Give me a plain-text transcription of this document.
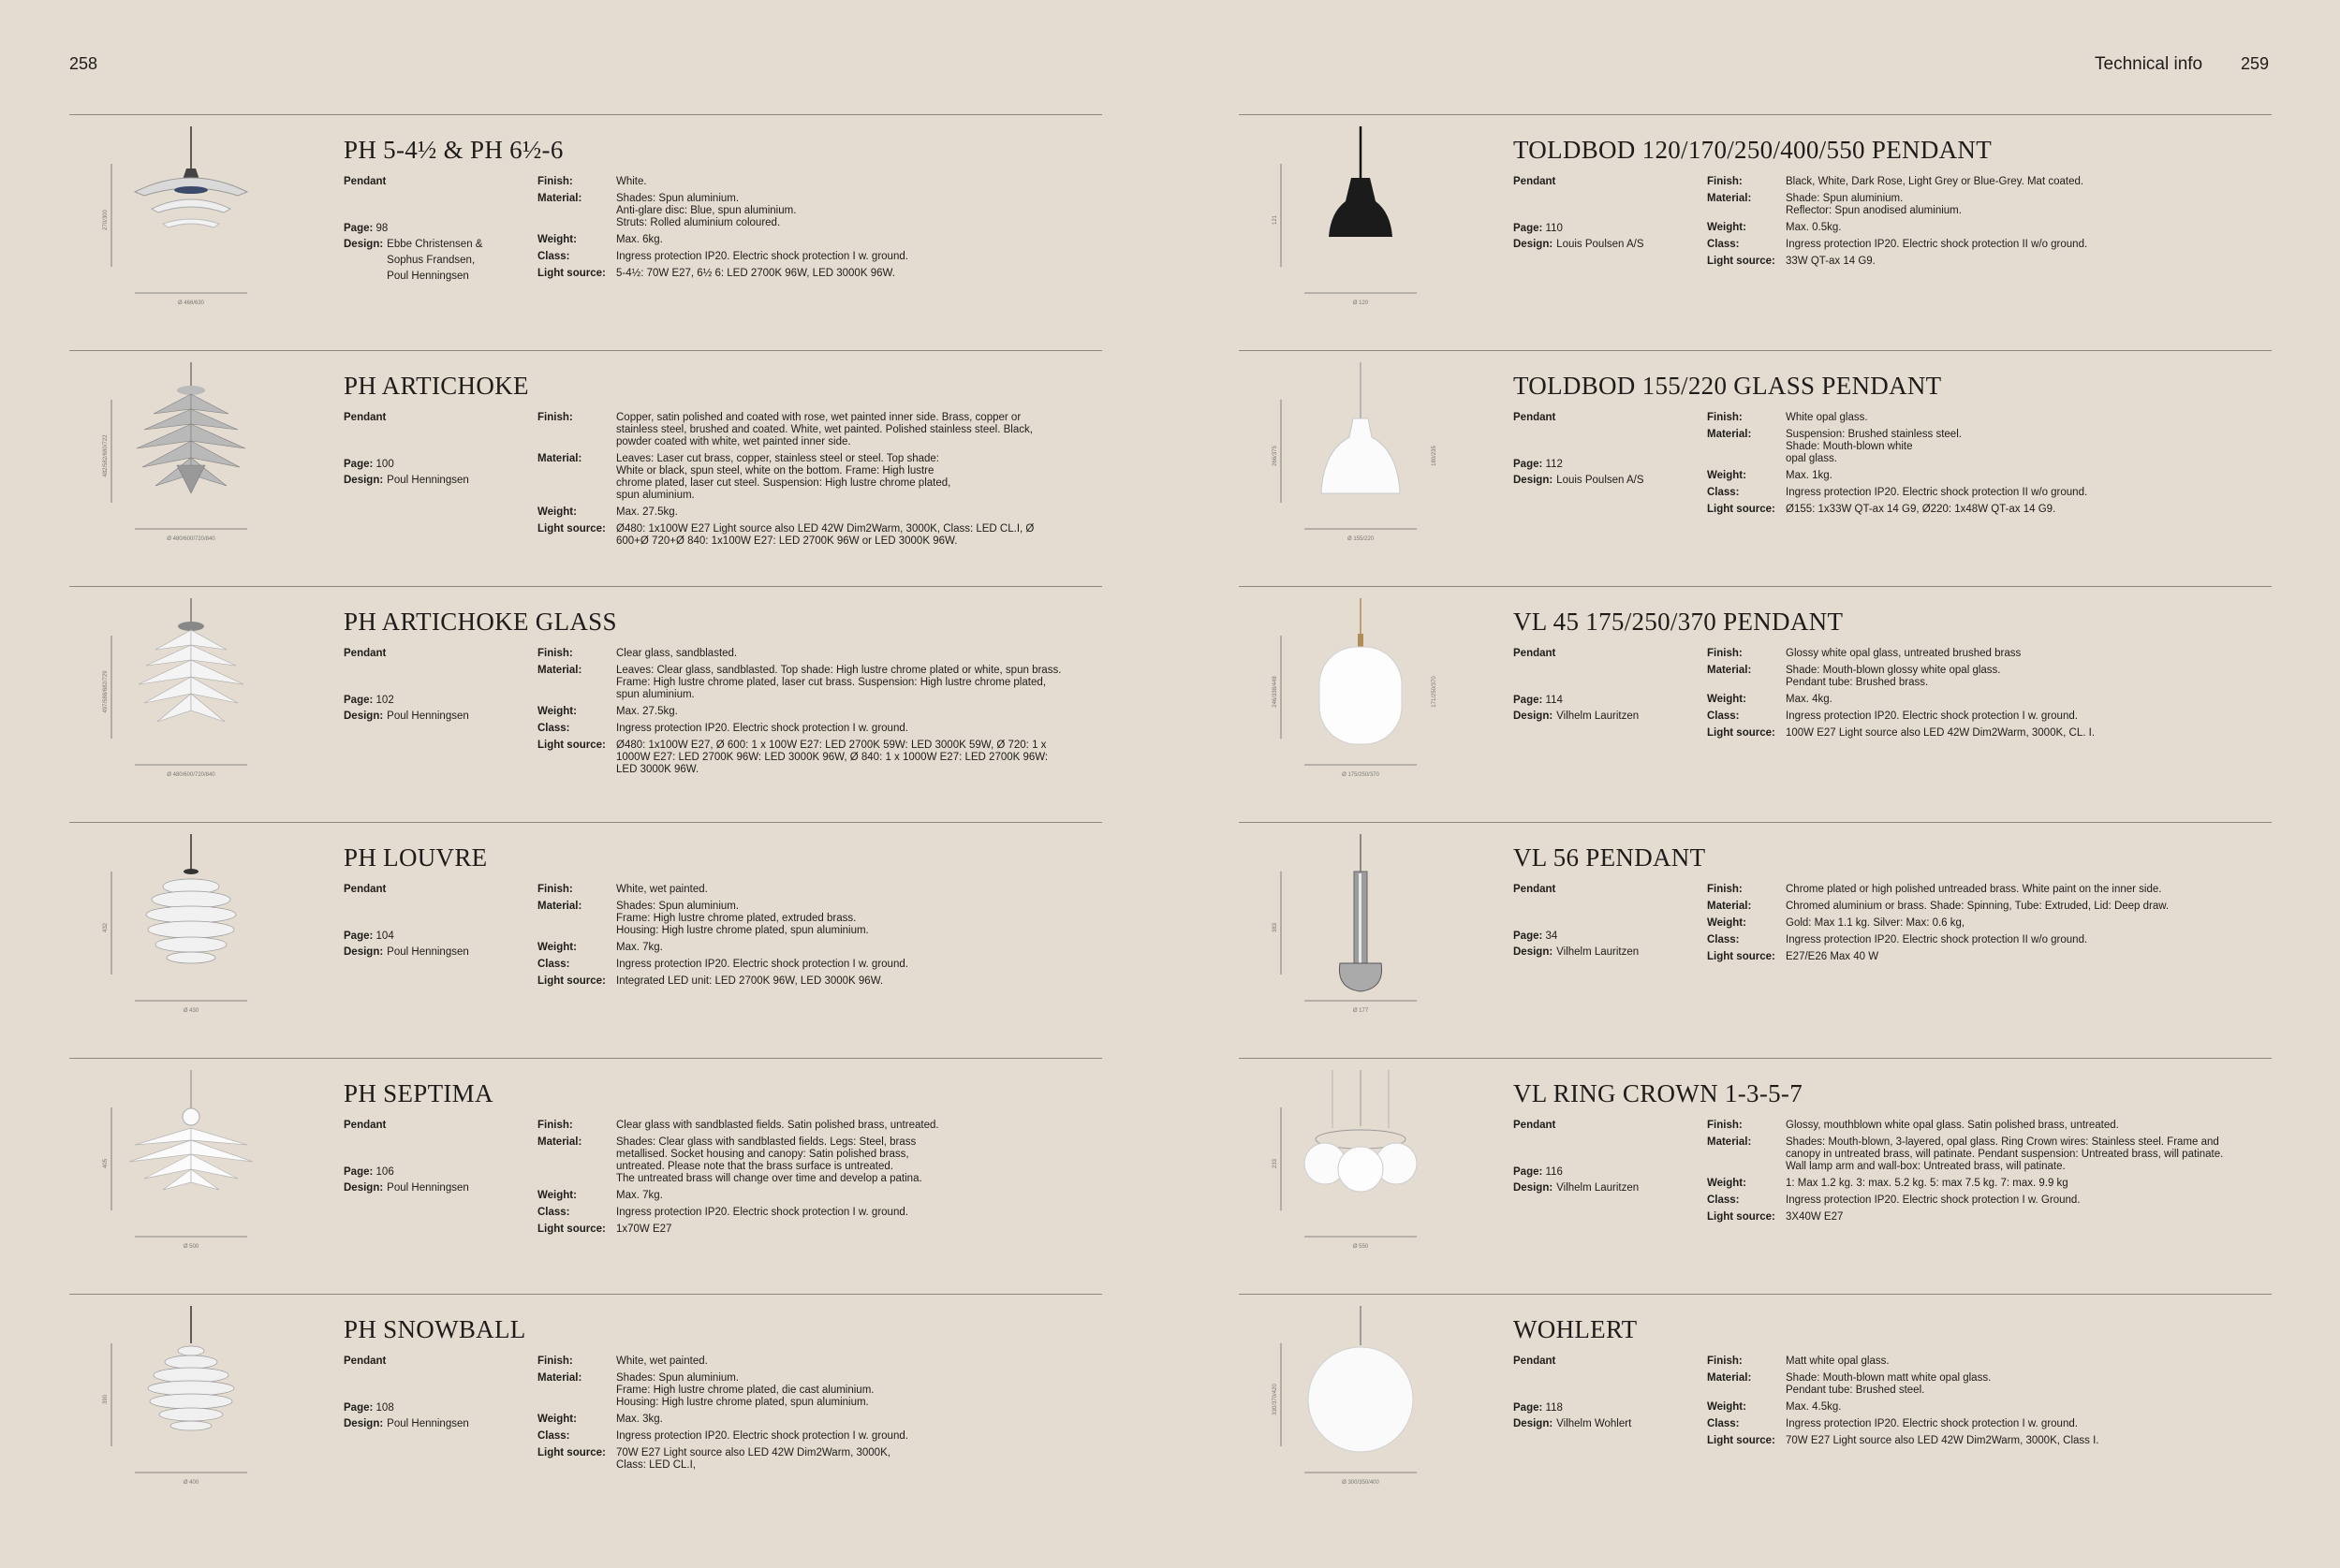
258	Technical info 259
270/300
Ø 466/630
PH 5-4½ & PH 6½-6
Pendant
Page: 98
Design: Ebbe Christensen & Sophus Frandsen, Poul Henningsen
Finish:	White.
Material:	Shades: Spun aluminium.
Anti-glare disc: Blue, spun aluminium.
Struts: Rolled aluminium coloured.
Weight:	Max. 6kg.
Class:	Ingress protection IP20. Electric shock protection I w. ground.
Light source: 5-4½: 70W E27, 6½ 6: LED 2700K 96W, LED 3000K 96W.
482/582/680/722
Ø 480/600/720/840
PH ARTICHOKE
Pendant
Page: 100
Design: Poul Henningsen
Finish:	Copper, satin polished and coated with rose, wet painted inner side. Brass, copper or stainless steel, brushed and coated. White, wet painted. Polished stainless steel. Black, powder coated with white, wet painted inner side.
Material:	Leaves: Laser cut brass, copper, stainless steel or steel. Top shade:
White or black, spun steel, white on the bottom. Frame: High lustre
chrome plated, laser cut steel. Suspension: High lustre chrome plated,
spun aluminium.
Weight:	Max. 27.5kg.
Light source: Ø480: 1x100W E27 Light source also LED 42W Dim2Warm, 3000K, Class: LED CL.I, Ø 600+Ø 720+Ø 840: 1x100W E27: LED 2700K 96W or LED 3000K 96W.
497/588/682/729
Ø 480/600/720/840
PH ARTICHOKE GLASS
Pendant
Page: 102
Design: Poul Henningsen
Finish:	Clear glass, sandblasted.
Material:	Leaves: Clear glass, sandblasted. Top shade: High lustre chrome plated or white, spun brass. Frame: High lustre chrome plated, laser cut brass. Suspension: High lustre chrome plated, spun aluminium.
Weight:	Max. 27.5kg.
Class:	Ingress protection IP20. Electric shock protection I w. ground.
Light source: Ø480: 1x100W E27, Ø 600: 1 x 100W E27: LED 2700K 59W: LED 3000K 59W, Ø 720: 1 x 1000W E27: LED 2700K 96W: LED 3000K 96W, Ø 840: 1 x 1000W E27: LED 2700K 96W: LED 3000K 96W.
432
Ø 430
PH LOUVRE
Pendant
Page: 104
Design: Poul Henningsen
Finish:	White, wet painted.
Material:	Shades: Spun aluminium.
Frame: High lustre chrome plated, extruded brass.
Housing: High lustre chrome plated, spun aluminium.
Weight:	Max. 7kg.
Class:	Ingress protection IP20. Electric shock protection I w. ground.
Light source: Integrated LED unit: LED 2700K 96W, LED 3000K 96W.
405
Ø 500
PH SEPTIMA
Pendant
Page: 106
Design: Poul Henningsen
Finish:	Clear glass with sandblasted fields. Satin polished brass, untreated.
Material:	Shades: Clear glass with sandblasted fields. Legs: Steel, brass
metallised. Socket housing and canopy: Satin polished brass,
untreated. Please note that the brass surface is untreated.
The untreated brass will change over time and develop a patina.
Weight:	Max. 7kg.
Class:	Ingress protection IP20. Electric shock protection I w. ground.
Light source: 1x70W E27
390
Ø 400
PH SNOWBALL
Pendant
Page: 108
Design: Poul Henningsen
Finish:	White, wet painted.
Material:	Shades: Spun aluminium.
Frame: High lustre chrome plated, die cast aluminium.
Housing: High lustre chrome plated, spun aluminium.
Weight:	Max. 3kg.
Class:	Ingress protection IP20. Electric shock protection I w. ground.
Light source: 70W E27 Light source also LED 42W Dim2Warm, 3000K,
Class: LED CL.I,
121
Ø 120
TOLDBOD 120/170/250/400/550 PENDANT
Pendant
Page: 110
Design: Louis Poulsen A/S
Finish:	Black, White, Dark Rose, Light Grey or Blue-Grey. Mat coated.
Material:	Shade: Spun aluminium.
Reflector: Spun anodised aluminium.
Weight:	Max. 0.5kg.
Class:	Ingress protection IP20. Electric shock protection II w/o ground.
Light source: 33W QT-ax 14 G9.
266/375	180/235
Ø 155/220
TOLDBOD 155/220 GLASS PENDANT
Pendant
Page: 112
Design: Louis Poulsen A/S
Finish:	White opal glass.
Material:	Suspension: Brushed stainless steel.
Shade: Mouth-blown white
opal glass.
Weight:	Max. 1kg.
Class:	Ingress protection IP20. Electric shock protection II w/o ground.
Light source: Ø155: 1x33W QT-ax 14 G9, Ø220: 1x48W QT-ax 14 G9.
246/338/448	171/250/370
Ø 175/250/370
VL 45 175/250/370 PENDANT
Pendant
Page: 114
Design: Vilhelm Lauritzen
Finish:	Glossy white opal glass, untreated brushed brass
Material:	Shade: Mouth-blown glossy white opal glass.
Pendant tube: Brushed brass.
Weight:	Max. 4kg.
Class:	Ingress protection IP20. Electric shock protection I w. ground.
Light source: 100W E27 Light source also LED 42W Dim2Warm, 3000K, CL. I.
383
Ø 177
VL 56 PENDANT
Pendant
Page: 34
Design: Vilhelm Lauritzen
Finish:	Chrome plated or high polished untreaded brass. White paint on the inner side.
Material:	Chromed aluminium or brass. Shade: Spinning, Tube: Extruded, Lid: Deep draw.
Weight:	Gold: Max 1.1 kg. Silver: Max: 0.6 kg,
Class:	Ingress protection IP20. Electric shock protection II w/o ground.
Light source: E27/E26 Max 40 W
233
Ø 550
VL RING CROWN 1-3-5-7
Pendant
Page: 116
Design: Vilhelm Lauritzen
Finish:	Glossy, mouthblown white opal glass. Satin polished brass, untreated.
Material:	Shades: Mouth-blown, 3-layered, opal glass. Ring Crown wires: Stainless steel. Frame and canopy in untreated brass, will patinate. Pendant suspension: Untreated brass, will patinate. Wall lamp arm and wall-box: Untreated brass, will patinate.
Weight:	1: Max 1.2 kg. 3: max. 5.2 kg. 5: max 7.5 kg. 7: max. 9.9 kg
Class:	Ingress protection IP20. Electric shock protection I w. Ground.
Light source: 3X40W E27
330/370/420
Ø 300/350/400
WOHLERT
Pendant
Page: 118
Design: Vilhelm Wohlert
Finish:	Matt white opal glass.
Material:	Shade: Mouth-blown matt white opal glass.
Pendant tube: Brushed steel.
Weight:	Max. 4.5kg.
Class:	Ingress protection IP20. Electric shock protection I w. ground.
Light source: 70W E27 Light source also LED 42W Dim2Warm, 3000K, Class I.
